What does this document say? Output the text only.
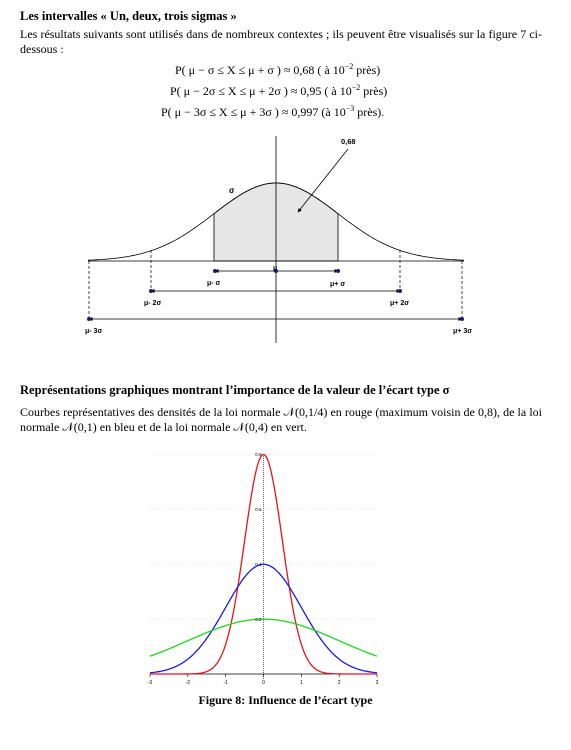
Les intervalles « Un, deux, trois sigmas »
Les résultats suivants sont utilisés dans de nombreux contextes ; ils peuvent être visualisés sur la figure 7 ci-dessous :
P( μ − σ ≤ X ≤ μ + σ ) ≈ 0,68 ( à $10^{-2}$ près)
P( μ − 2σ ≤ X ≤ μ + 2σ ) ≈ 0,95 ( à $10^{-2}$ près)
P( μ − 3σ ≤ X ≤ μ + 3σ ) ≈ 0,997 (à $10^{-3}$ près).
0,68
σ
μ
μ- σ	μ+ σ
μ- 2σ	μ+ 2σ
μ- 3σ	μ+ 3σ
Représentations graphiques montrant l’importance de la valeur de l’écart type σ
Courbes représentatives des densités de la loi normale 𝒩(0,1/4) en rouge (maximum voisin de 0,8), de la loi normale 𝒩(0,1) en bleu et de la loi normale 𝒩(0,4) en vert.
-3	-2	-1	0	1	2	3
0.2
0.4
0.6
0.8
Figure 8: Influence de l’écart type
